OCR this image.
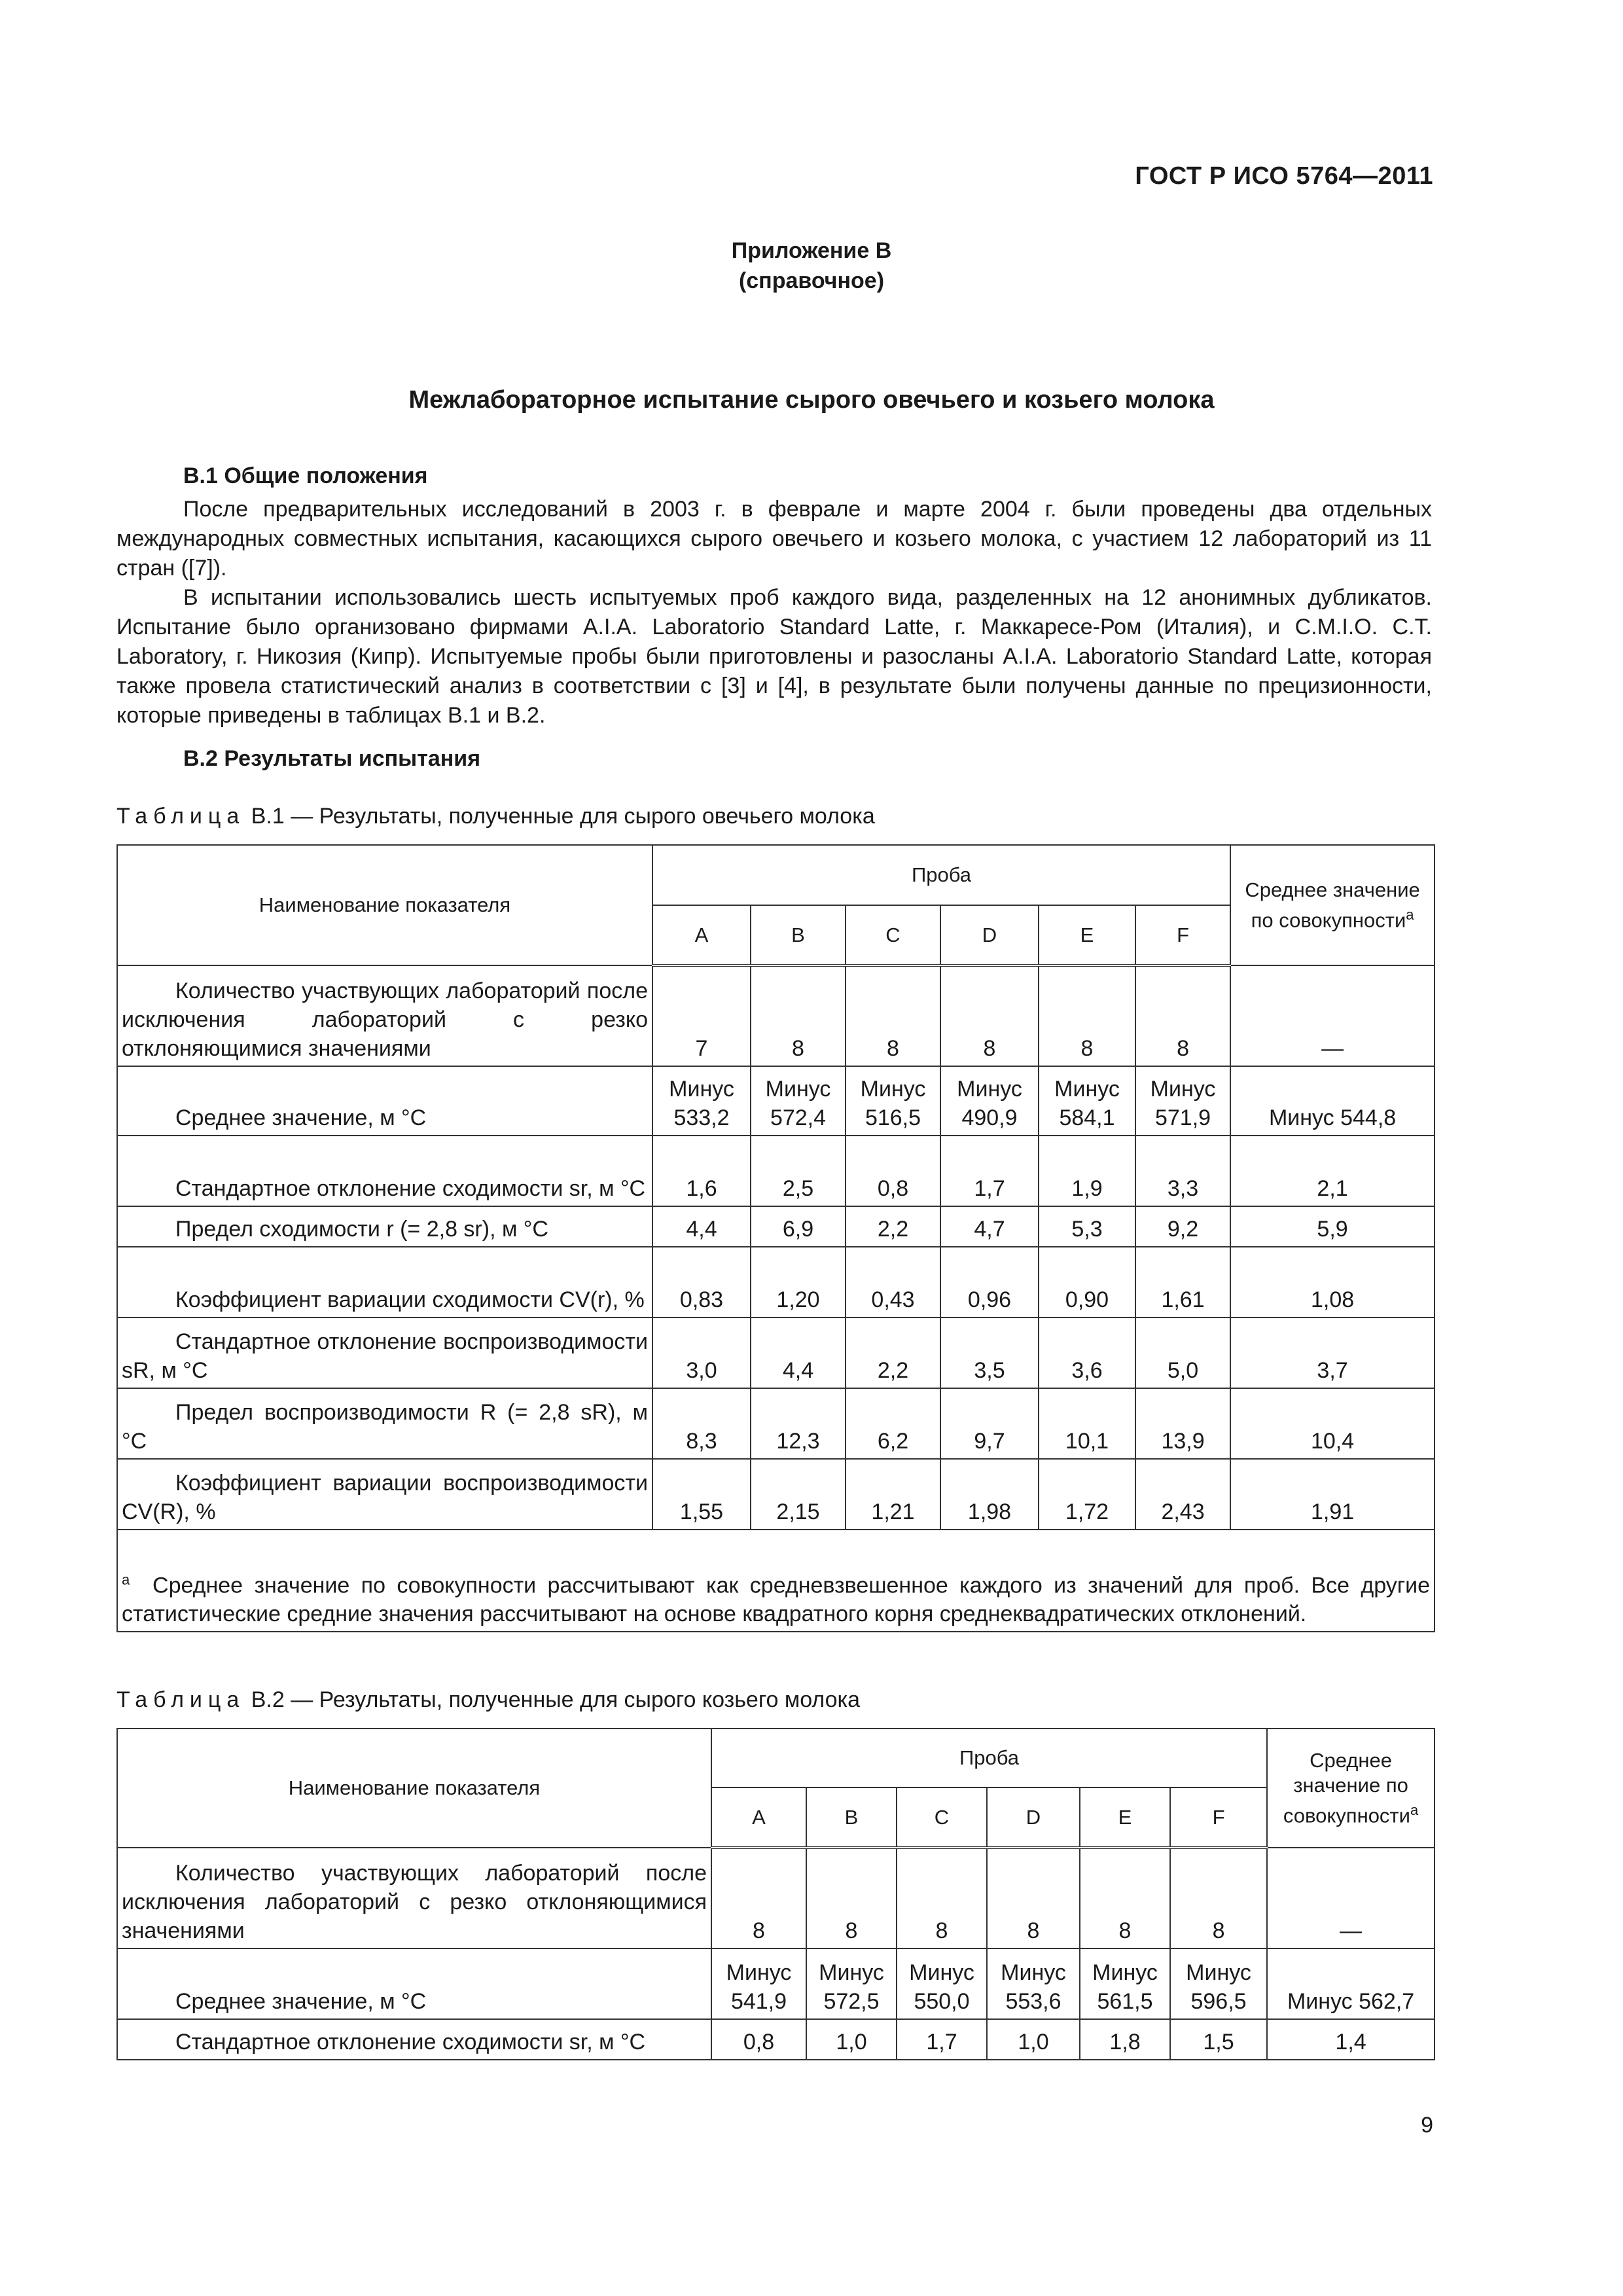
ГОСТ Р ИСО 5764—2011
Приложение В
(справочное)
Межлабораторное испытание сырого овечьего и козьего молока
В.1 Общие положения

После предварительных исследований в 2003 г. в феврале и марте 2004 г. были проведены два отдельных международных совместных испытания, касающихся сырого овечьего и козьего молока, с участием 12 лабораторий из 11 стран ([7]).

В испытании использовались шесть испытуемых проб каждого вида, разделенных на 12 анонимных дубликатов. Испытание было организовано фирмами A.I.A. Laboratorio Standard Latte, г. Маккаресе-Ром (Италия), и C.M.I.O. C.T. Laboratory, г. Никозия (Кипр). Испытуемые пробы были приготовлены и разосланы A.I.A. Laboratorio Standard Latte, которая также провела статистический анализ в соответствии с [3] и [4], в результате были получены данные по прецизионности, которые приведены в таблицах В.1 и В.2.

В.2 Результаты испытания
Таблица В.1 — Результаты, полученные для сырого овечьего молока
Наименование показателя	Проба						Среднее значение по совокупности$^a$
	A	B	C	D	E	F	
Количество участвующих лабораторий после исключения лабораторий с резко отклоняющимися значениями	7	8	8	8	8	8	—
Среднее значение, м °C	Минус 533,2	Минус 572,4	Минус 516,5	Минус 490,9	Минус 584,1	Минус 571,9	Минус 544,8
Стандартное отклонение сходимости sr, м °C	1,6	2,5	0,8	1,7	1,9	3,3	2,1
Предел сходимости r (= 2,8 sr), м °C	4,4	6,9	2,2	4,7	5,3	9,2	5,9
Коэффициент вариации сходимости CV(r), %	0,83	1,20	0,43	0,96	0,90	1,61	1,08
Стандартное отклонение воспроизводимости sR, м °C	3,0	4,4	2,2	3,5	3,6	5,0	3,7
Предел воспроизводимости R (= 2,8 sR), м °C	8,3	12,3	6,2	9,7	10,1	13,9	10,4
Коэффициент вариации воспроизводимости CV(R), %	1,55	2,15	1,21	1,98	1,72	2,43	1,91
$^a$ Среднее значение по совокупности рассчитывают как средневзвешенное каждого из значений для проб. Все другие статистические средние значения рассчитывают на основе квадратного корня среднеквадратических отклонений.							
Таблица В.2 — Результаты, полученные для сырого козьего молока
Наименование показателя	Проба						Среднее значение по совокупности$^a$
	A	B	C	D	E	F	
Количество участвующих лабораторий после исключения лабораторий с резко отклоняющимися значениями	8	8	8	8	8	8	—
Среднее значение, м °C	Минус 541,9	Минус 572,5	Минус 550,0	Минус 553,6	Минус 561,5	Минус 596,5	Минус 562,7
Стандартное отклонение сходимости sr, м °C	0,8	1,0	1,7	1,0	1,8	1,5	1,4
9
